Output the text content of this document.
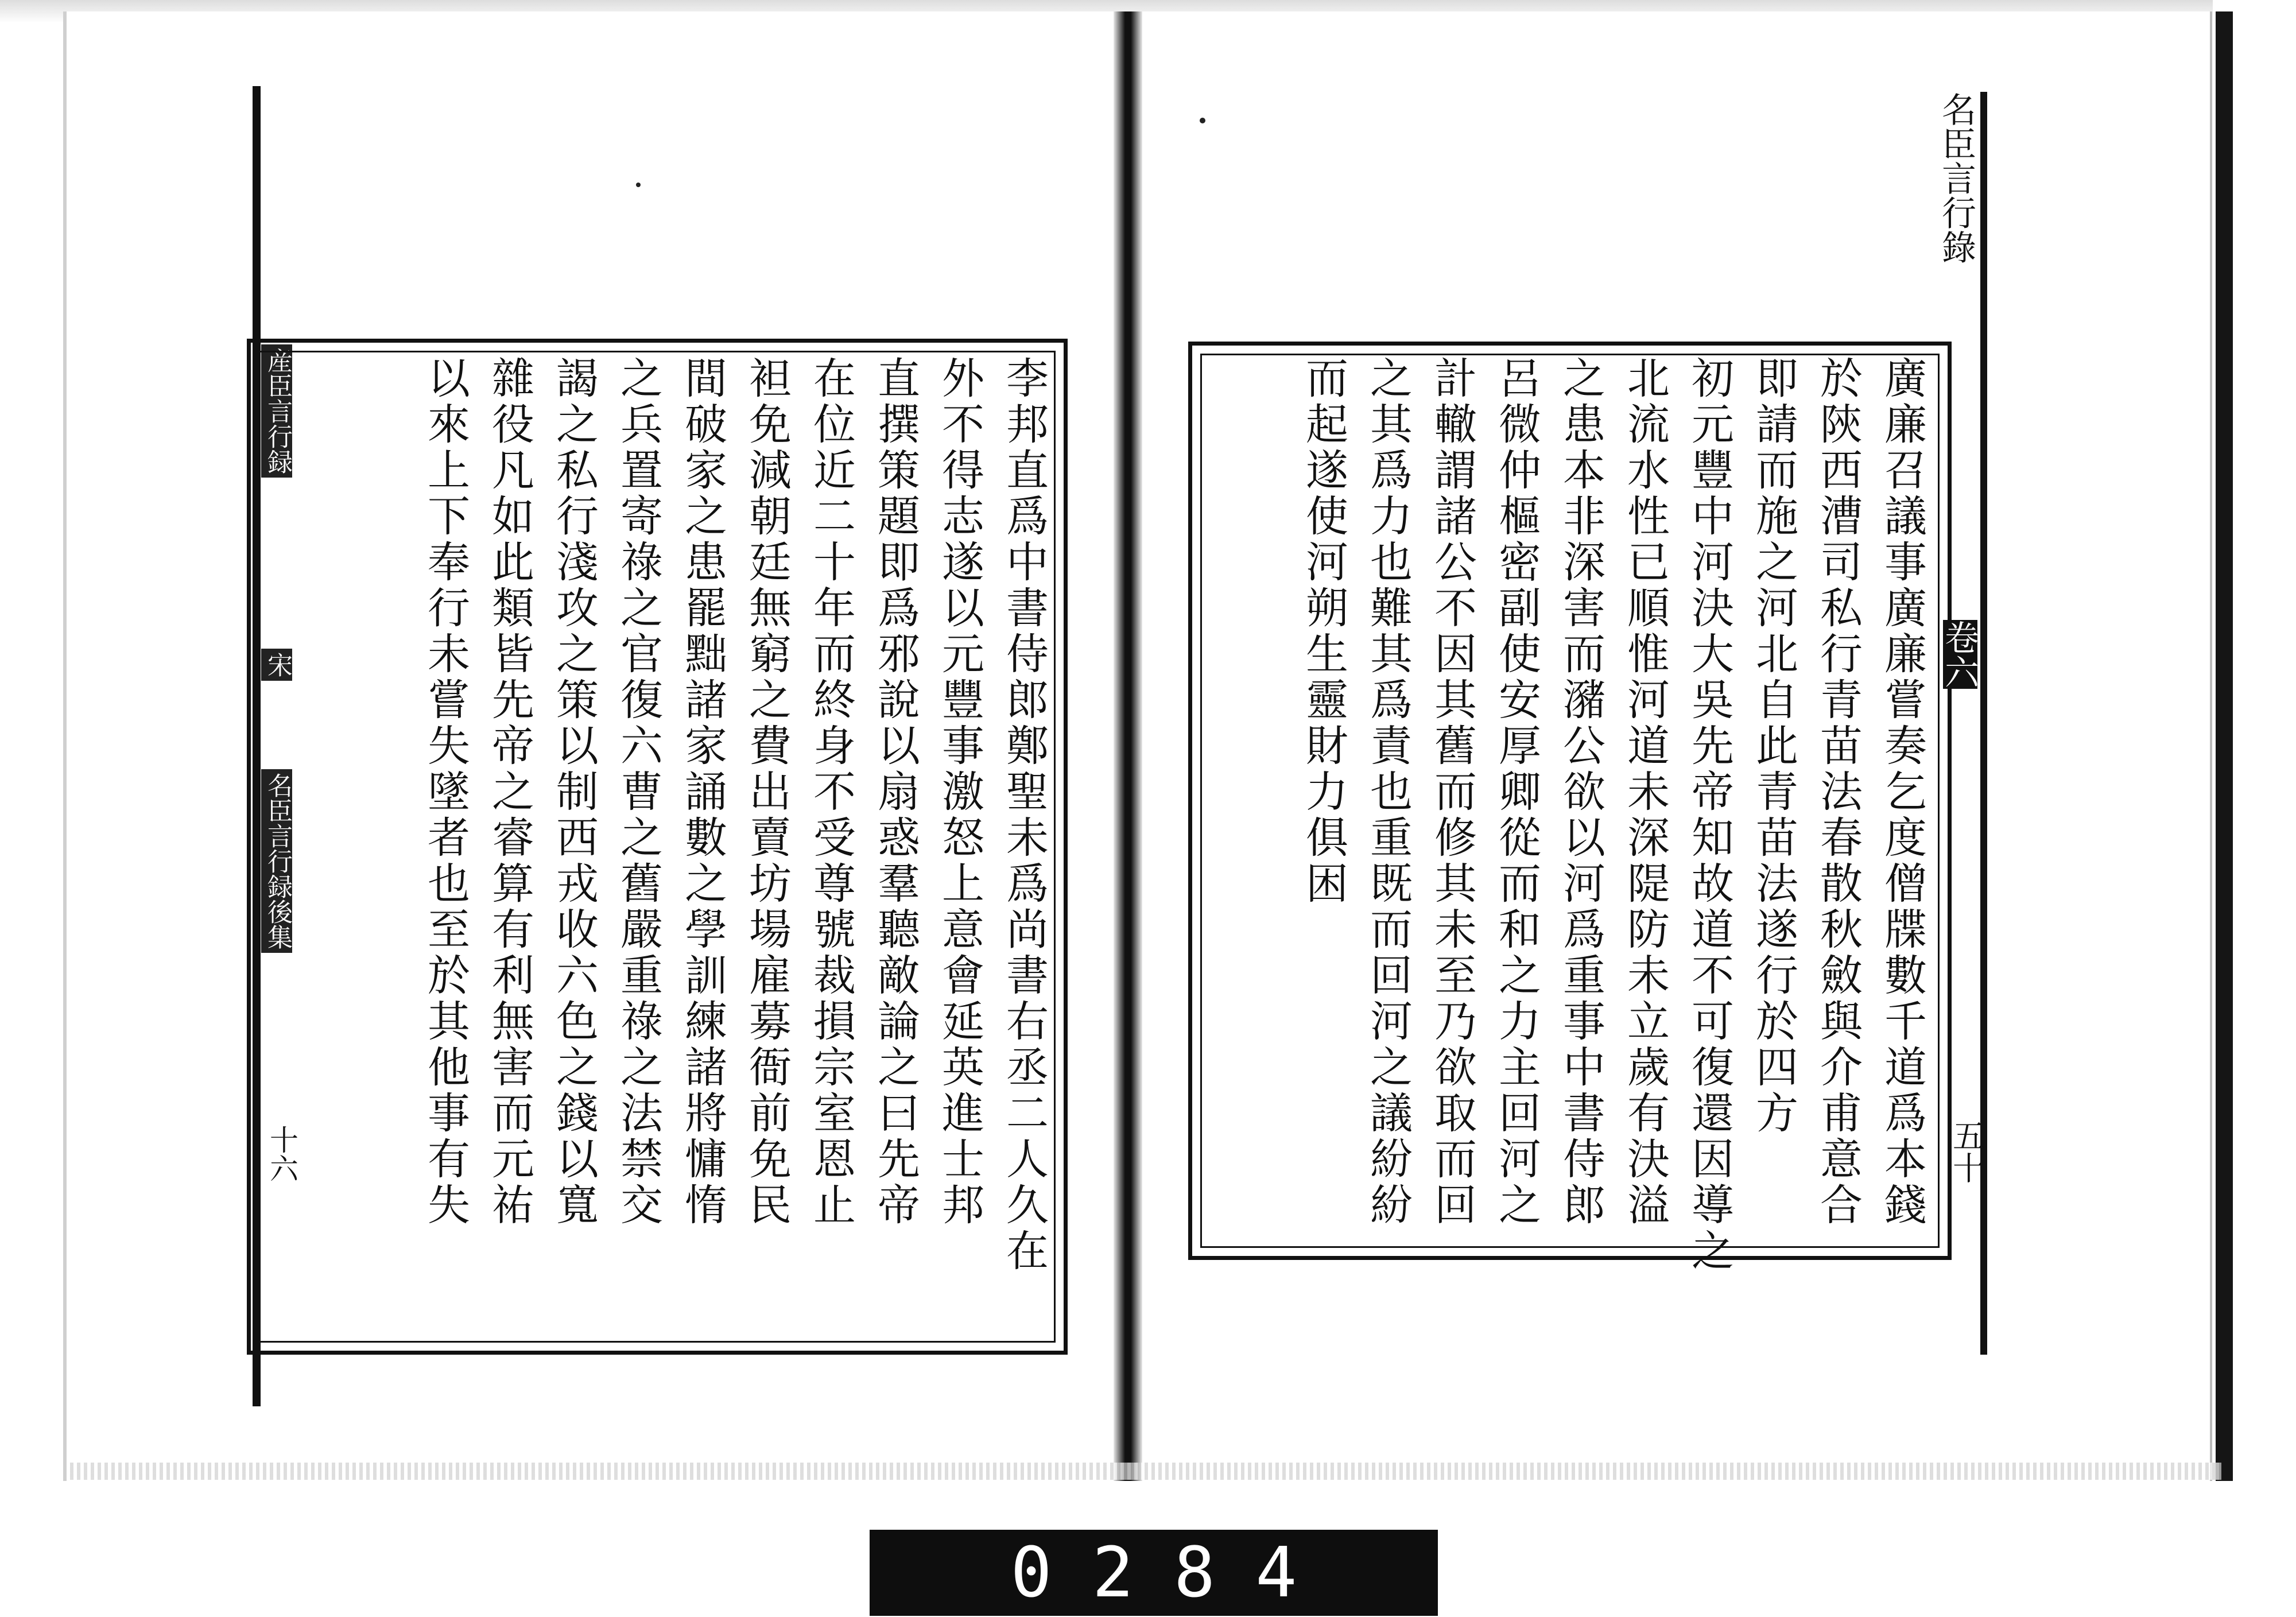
産臣言行録
宋
名臣言行録後集
十六	李邦直爲中書侍郎鄭聖未爲尚書右丞二人久在
外不得志遂以元豐事激怒上意會延英進士邦
直撰策題即爲邪說以扇惑羣聽敵論之曰先帝
在位近二十年而終身不受尊號裁損宗室恩止
袒免減朝廷無窮之費出賣坊場雇募衙前免民
間破家之患罷黜諸家誦數之學訓練諸將慵惰
之兵置寄祿之官復六曹之舊嚴重祿之法禁交
謁之私行淺攻之策以制西戎收六色之錢以寬
雜役凡如此類皆先帝之睿算有利無害而元祐
以來上下奉行未嘗失墜者也至於其他事有失	廣廉召議事廣廉嘗奏乞度僧牒數千道爲本錢
於陝西漕司私行青苗法春散秋斂與介甫意合
即請而施之河北自此青苗法遂行於四方
初元豐中河決大吳先帝知故道不可復還因導之
北流水性已順惟河道未深隄防未立歲有決溢
之患本非深害而瀦公欲以河爲重事中書侍郎
呂微仲樞密副使安厚卿從而和之力主回河之
計轍謂諸公不因其舊而修其未至乃欲取而回
之其爲力也難其爲責也重既而回河之議紛紛
而起遂使河朔生靈財力俱困
名臣言行錄
卷六
五十
0284
